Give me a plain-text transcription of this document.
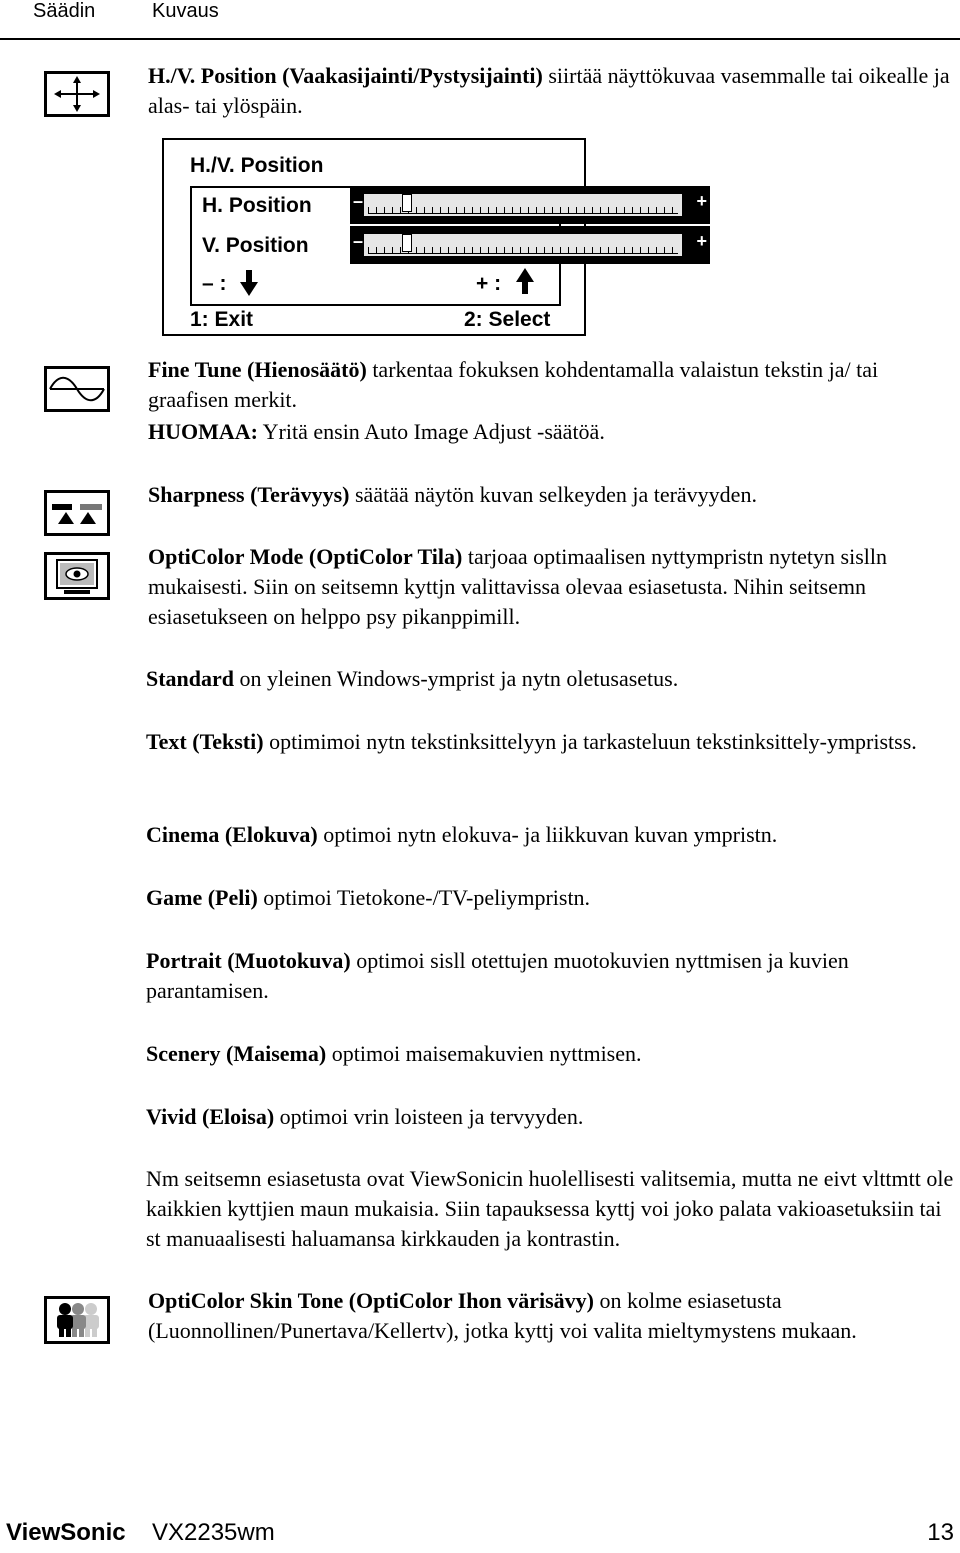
Säädin	Kuvaus

H./V. Position (Vaakasijainti/Pystysijainti) siirtää näyttökuvaa vasemmalle tai oikealle ja alas- tai ylöspäin.

H./V. Position
H. Position
V. Position
–	+
–	+
– :	+ :
1: Exit	2: Select

Fine Tune (Hienosäätö) tarkentaa fokuksen kohdentamalla valaistun tekstin ja/ tai graafisen merkit.

HUOMAA: Yritä ensin Auto Image Adjust -säätöä.

Sharpness (Terävyys) säätää näytön kuvan selkeyden ja terävyyden.

OptiColor Mode (OptiColor Tila) tarjoaa optimaalisen nyttympristn nytetyn sislln mukaisesti. Siin on seitsemn kyttjn valittavissa olevaa esiasetusta. Nihin seitsemn esiasetukseen on helppo psy pikanppimill.

Standard on yleinen Windows-ymprist ja nytn oletusasetus.

Text (Teksti) optimimoi nytn tekstinksittelyyn ja tarkasteluun tekstinksittely-ympristss.

Cinema (Elokuva) optimoi nytn elokuva- ja liikkuvan kuvan ympristn.

Game (Peli) optimoi Tietokone-/TV-peliympristn.

Portrait (Muotokuva) optimoi sisll otettujen muotokuvien nyttmisen ja kuvien parantamisen.

Scenery (Maisema) optimoi maisemakuvien nyttmisen.

Vivid (Eloisa) optimoi vrin loisteen ja tervyyden.

Nm seitsemn esiasetusta ovat ViewSonicin huolellisesti valitsemia, mutta ne eivt vlttmtt ole kaikkien kyttjien maun mukaisia. Siin tapauksessa kyttj voi joko palata vakioasetuksiin tai st manuaalisesti haluamansa kirkkauden ja kontrastin.

OptiColor Skin Tone (OptiColor Ihon värisävy) on kolme esiasetusta (Luonnollinen/Punertava/Kellertv), jotka kyttj voi valita mieltymystens mukaan.

ViewSonic VX2235wm	13
